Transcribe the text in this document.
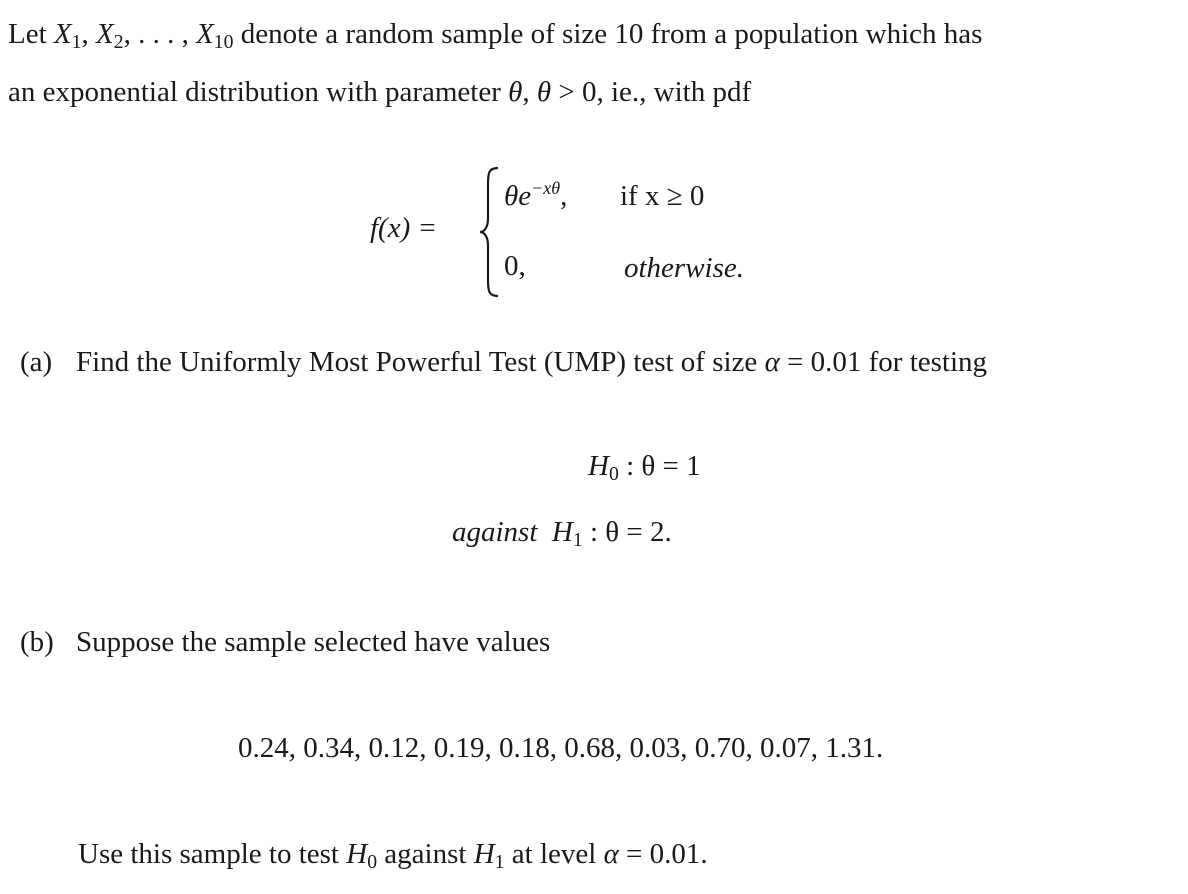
Let $X_1$, $X_2$, . . . , $X_{10}$ denote a random sample of size 10 from a population which has
an exponential distribution with parameter θ, θ > 0, ie., with pdf
f(x) =
$\theta e^{-x\theta}$, if x ≥ 0
0,	otherwise.
(a) Find the Uniformly Most Powerful Test (UMP) test of size α = 0.01 for testing
$H_0$ : θ = 1
against $H_1$ : θ = 2.
(b) Suppose the sample selected have values
0.24, 0.34, 0.12, 0.19, 0.18, 0.68, 0.03, 0.70, 0.07, 1.31.
Use this sample to test $H_0$ against $H_1$ at level α = 0.01.
